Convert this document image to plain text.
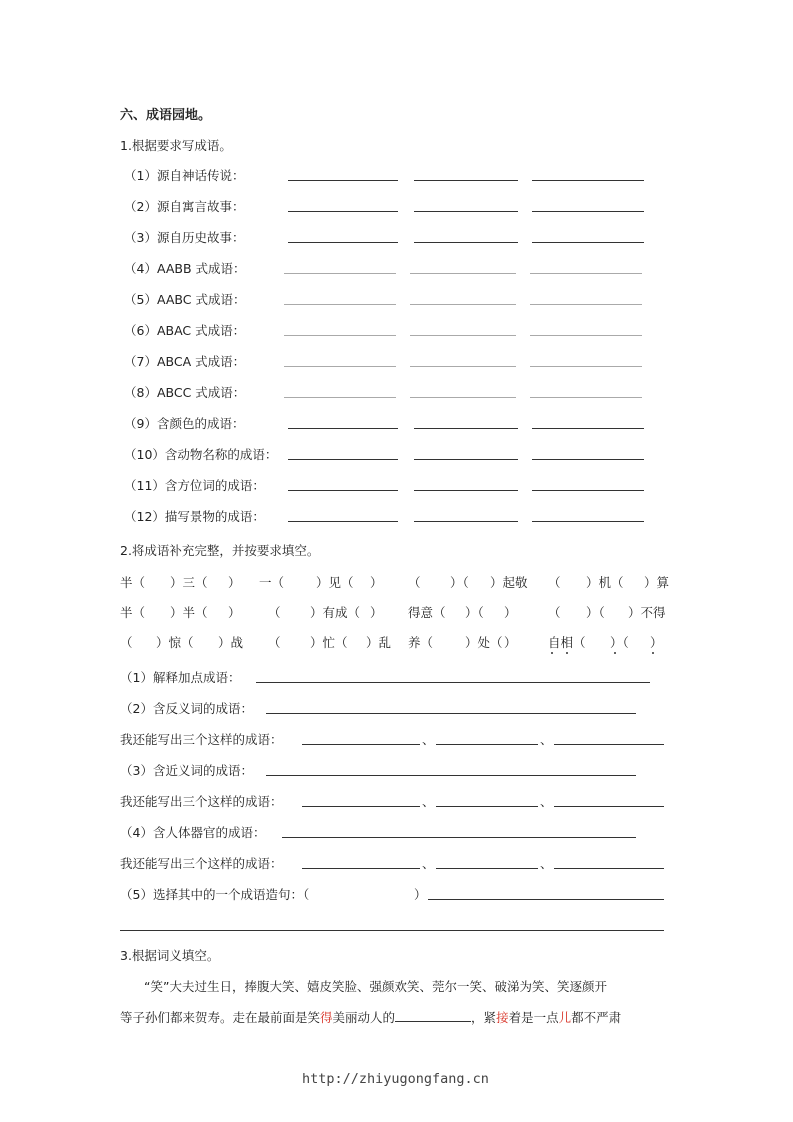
六、成语园地。
1.根据要求写成语。
（1）源自神话传说：
（2）源自寓言故事：
（3）源自历史故事：
（4）AABB 式成语：
（5）AABC 式成语：
（6）ABAC 式成语：
（7）ABCA 式成语：
（8）ABCC 式成语：
（9）含颜色的成语：
（10）含动物名称的成语：
（11）含方位词的成语：
（12）描写景物的成语：
2.将成语补充完整，并按要求填空。
半（ ）三（ ） 一（	）见（ ） （ ）（ ）起敬 （ ）机（ ）算
半（ ）半（ ） （ ）有成（ ） 得意（ ）（ ）	（ ）（ ）不得
（ ）惊（ ）战 （ ）忙（ ）乱 养（	）处（ ）	自相（ ）（ ）
（1）解释加点成语：
（2）含反义词的成语：
我还能写出三个这样的成语：	、	、
（3）含近义词的成语：
我还能写出三个这样的成语：	、	、
（4）含人体器官的成语：
我还能写出三个这样的成语：	、	、
（5）选择其中的一个成语造句：（	）
3.根据词义填空。
“笑”大夫过生日，捧腹大笑、嬉皮笑脸、强颜欢笑、莞尔一笑、破涕为笑、笑逐颜开
等子孙们都来贺寿。走在最前面是笑得美丽动人的	，紧接着是一点儿都不严肃
http://zhiyugongfang.cn
